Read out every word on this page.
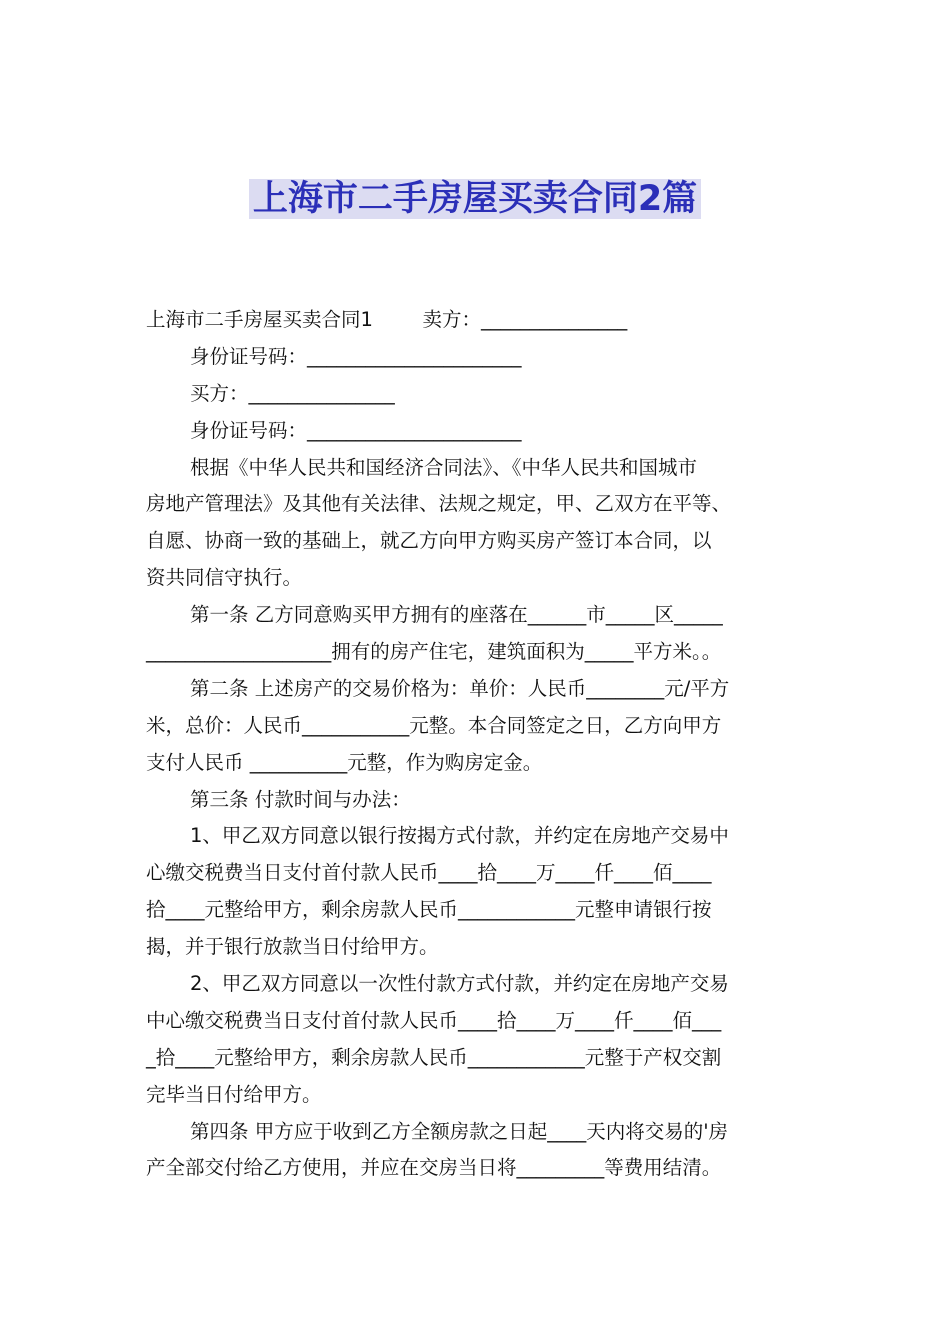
上海市二手房屋买卖合同2篇
上海市二手房屋买卖合同1        卖方：_______________
身份证号码：______________________
买方：_______________
身份证号码：______________________
根据《中华人民共和国经济合同法》、《中华人民共和国城市
房地产管理法》及其他有关法律、法规之规定，甲、乙双方在平等、
自愿、协商一致的基础上，就乙方向甲方购买房产签订本合同，以
资共同信守执行。
第一条 乙方同意购买甲方拥有的座落在______市_____区_____
___________________拥有的房产住宅，建筑面积为_____平方米。。
第二条 上述房产的交易价格为：单价：人民币________元/平方
米，总价：人民币___________元整。本合同签定之日，乙方向甲方
支付人民币 __________元整，作为购房定金。
第三条 付款时间与办法：
1、甲乙双方同意以银行按揭方式付款，并约定在房地产交易中
心缴交税费当日支付首付款人民币____拾____万____仟____佰____
拾____元整给甲方，剩余房款人民币____________元整申请银行按
揭，并于银行放款当日付给甲方。
2、甲乙双方同意以一次性付款方式付款，并约定在房地产交易
中心缴交税费当日支付首付款人民币____拾____万____仟____佰___
_拾____元整给甲方，剩余房款人民币____________元整于产权交割
完毕当日付给甲方。
第四条 甲方应于收到乙方全额房款之日起____天内将交易的'房
产全部交付给乙方使用，并应在交房当日将_________等费用结清。
